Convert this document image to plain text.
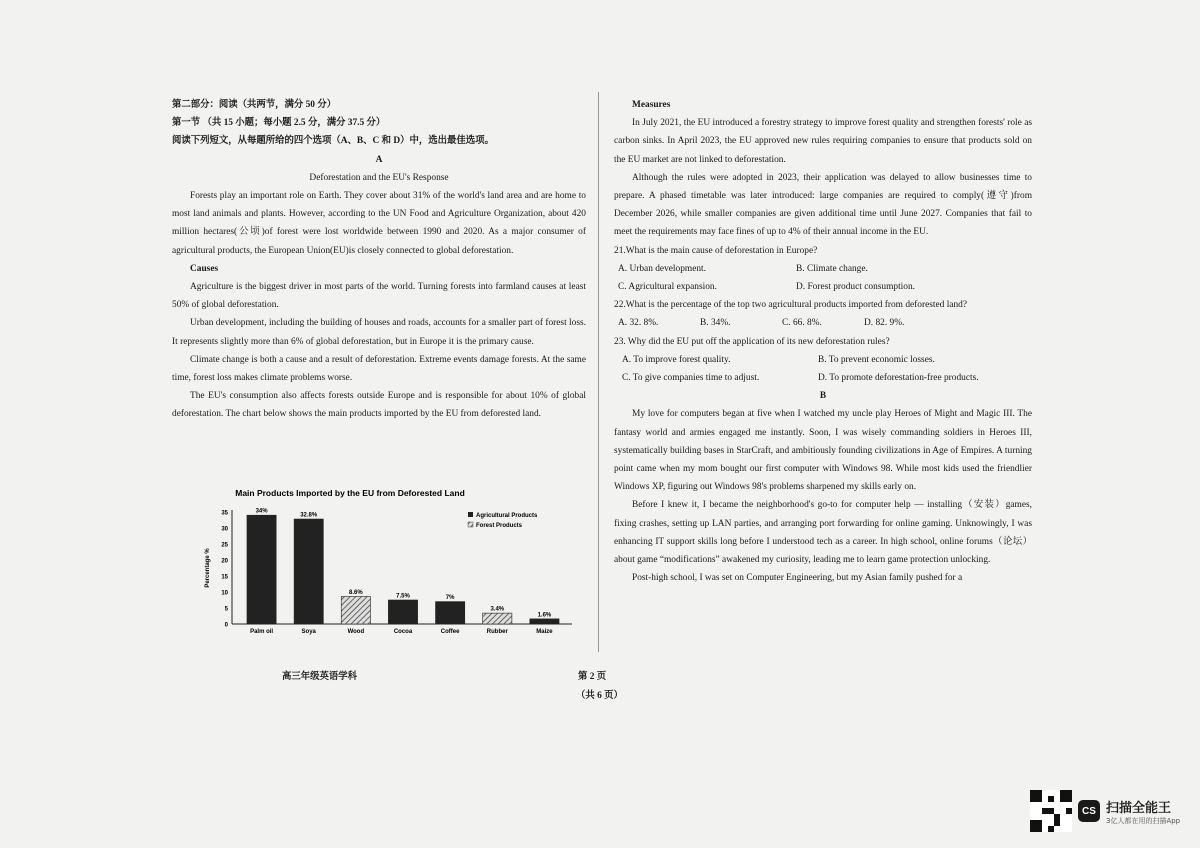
第二部分：阅读（共两节，满分 50 分）

第一节 （共 15 小题；每小题 2.5 分，满分 37.5 分）

阅读下列短文，从每题所给的四个选项（A、B、C 和 D）中，选出最佳选项。

A

Deforestation and the EU's Response

Forests play an important role on Earth. They cover about 31% of the world's land area and are home to most land animals and plants. However, according to the UN Food and Agriculture Organization, about 420 million hectares(公顷)of forest were lost worldwide between 1990 and 2020. As a major consumer of agricultural products, the European Union(EU)is closely connected to global deforestation.

Causes

Agriculture is the biggest driver in most parts of the world. Turning forests into farmland causes at least 50% of global deforestation.

Urban development, including the building of houses and roads, accounts for a smaller part of forest loss. It represents slightly more than 6% of global deforestation, but in Europe it is the primary cause.

Climate change is both a cause and a result of deforestation. Extreme events damage forests. At the same time, forest loss makes climate problems worse.

The EU's consumption also affects forests outside Europe and is responsible for about 10% of global deforestation. The chart below shows the main products imported by the EU from deforested land.

Main Products Imported by the EU from Deforested Land
0
5
10
15
20
25
30
35
Percentage %
34%
Palm oil
32.8%
Soya
8.6%
Wood
7.5%
Cocoa
7%
Coffee
3.4%
Rubber
1.6%
Maize
Agricultural Products
Forest Products

Measures

In July 2021, the EU introduced a forestry strategy to improve forest quality and strengthen forests' role as carbon sinks. In April 2023, the EU approved new rules requiring companies to ensure that products sold on the EU market are not linked to deforestation.

Although the rules were adopted in 2023, their application was delayed to allow businesses time to prepare. A phased timetable was later introduced: large companies are required to comply(遵守)from December 2026, while smaller companies are given additional time until June 2027. Companies that fail to meet the requirements may face fines of up to 4% of their annual income in the EU.

21.What is the main cause of deforestation in Europe?

A. Urban development.	B. Climate change.
C. Agricultural expansion.	D. Forest product consumption.

22.What is the percentage of the top two agricultural products imported from deforested land?

A. 32. 8%.	B. 34%.	C. 66. 8%.	D. 82. 9%.

23. Why did the EU put off the application of its new deforestation rules?

A. To improve forest quality.	B. To prevent economic losses.
C. To give companies time to adjust.	D. To promote deforestation-free products.

B

My love for computers began at five when I watched my uncle play Heroes of Might and Magic III. The fantasy world and armies engaged me instantly. Soon, I was wisely commanding soldiers in Heroes III, systematically building bases in StarCraft, and ambitiously founding civilizations in Age of Empires. A turning point came when my mom bought our first computer with Windows 98. While most kids used the friendlier Windows XP, figuring out Windows 98's problems sharpened my skills early on.

Before I knew it, I became the neighborhood's go-to for computer help — installing（安装）games, fixing crashes, setting up LAN parties, and arranging port forwarding for online gaming. Unknowingly, I was enhancing IT support skills long before I understood tech as a career. In high school, online forums（论坛）about game “modifications” awakened my curiosity, leading me to learn game protection unlocking.

Post-high school, I was set on Computer Engineering, but my Asian family pushed for a

高三年级英语学科	第 2 页
（共 6 页）
CS 扫描全能王
3亿人都在用的扫描App
